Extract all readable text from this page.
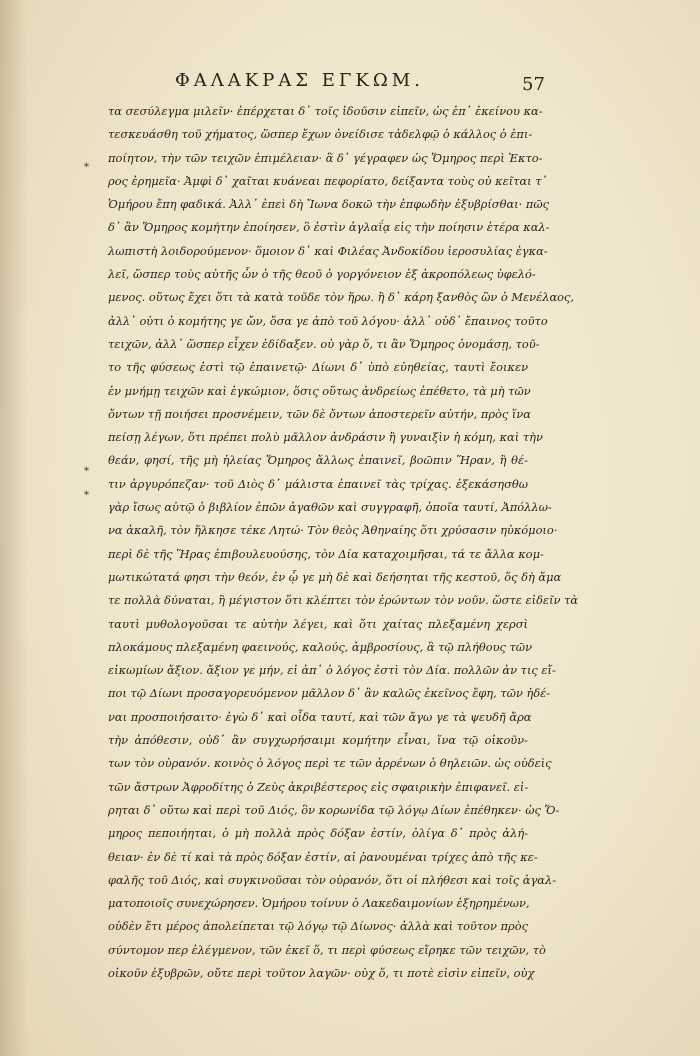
ΦΑΛΑΚΡΑΣ ΕΓΚΩΜ.	57
*
*
*
τα σεσύλεγμα μιλεῖν· ἐπέρχεται δ᾽ τοῖς ἰδοῦσιν εἰπεῖν, ὡς ἐπ᾽ ἐκείνου κα-
τεσκευάσθη τοῦ χήματος, ὥσπερ ἔχων ὀνείδισε τἀδελφῷ ὁ κάλλος ὁ ἐπι-
ποίητον, τὴν τῶν τειχῶν ἐπιμέλειαν· ἃ δ᾽ γέγραφεν ὡς Ὅμηρος περὶ Ἐκτο-
ρος ἐρημεῖα· Ἀμφὶ δ᾽ χαῖται κυάνεαι πεφορίατο, δείξαντα τοὺς οὐ κεῖται τ᾽
Ὁμήρου ἔπη φαδικά. Ἀλλ᾽ ἐπεὶ δὴ Ἴωνα δοκῶ τὴν ἐπφωδὴν ἐξυβρίσθαι· πῶς
δ᾽ ἂν Ὅμηρος κομήτην ἐποίησεν, ὃ ἐστὶν ἀγλαΐᾳ εἰς τὴν ποίησιν ἑτέρα καλ-
λωπιστὴ λοιδορούμενον· ὅμοιον δ᾽ καὶ Φιλέας Ἀνδοκίδου ἱεροσυλίας ἐγκα-
λεῖ, ὥσπερ τοὺς αὐτῆς ὧν ὁ τῆς θεοῦ ὁ γοργόνειον ἐξ ἀκροπόλεως ὑφελό-
μενος. οὕτως ἔχει ὅτι τὰ κατὰ τοῦδε τὸν ἥρω. ἢ δ᾽ κάρη ξανθὸς ὢν ὁ Μενέλαος,
ἀλλ᾽ οὐτι ὁ κομήτης γε ὤν, ὅσα γε ἀπὸ τοῦ λόγου· ἀλλ᾽ οὐδ᾽ ἔπαινος τοῦτο
τειχῶν, ἀλλ᾽ ὥσπερ εἶχεν ἐδίδαξεν. οὐ γὰρ ὅ, τι ἂν Ὅμηρος ὀνομάσῃ, τοῦ-
το τῆς φύσεως ἐστὶ τῷ ἐπαινετῷ· Δίωνι δ᾽ ὑπὸ εὐηθείας, ταυτὶ ἔοικεν
ἐν μνήμῃ τειχῶν καὶ ἐγκώμιον, ὅσις οὕτως ἀνδρείως ἐπέθετο, τὰ μὴ τῶν
ὄντων τῇ ποιήσει προσνέμειν, τῶν δὲ ὄντων ἀποστερεῖν αὐτήν, πρὸς ἵνα
πείσῃ λέγων, ὅτι πρέπει πολὺ μᾶλλον ἀνδράσιν ἢ γυναιξὶν ἡ κόμη, καὶ τὴν
θεάν, φησί, τῆς μὴ ἠλείας Ὅμηρος ἄλλως ἐπαινεῖ, βοῶπιν Ἥραν, ἢ θέ-
τιν ἀργυρόπεζαν· τοῦ Διὸς δ᾽ μάλιστα ἐπαινεῖ τὰς τρίχας. ἐξεκάσησθω
γὰρ ἴσως αὐτῷ ὁ βιβλίον ἐπῶν ἀγαθῶν καὶ συγγραφῆ, ὁποῖα ταυτί, Ἀπόλλω-
να ἀκαλῆ, τὸν ἥλκησε τέκε Λητώ· Τὸν θεὸς Ἀθηναίης ὅτι χρύσασιν ηὐκόμοιο·
περὶ δὲ τῆς Ἥρας ἐπιβουλευούσης, τὸν Δία καταχοιμῆσαι, τά τε ἄλλα κομ-
μωτικώτατά φησι τὴν θεόν, ἐν ᾧ γε μὴ δὲ καὶ δεήσηται τῆς κεστοῦ, ὅς δὴ ἅμα
τε πολλὰ δύναται, ἢ μέγιστον ὅτι κλέπτει τὸν ἐρώντων τὸν νοῦν. ὥστε εἰδεῖν τὰ
ταυτὶ μυθολογοῦσαι τε αὐτὴν λέγει, καὶ ὅτι χαίτας πλεξαμένη χερσὶ
πλοκάμους πλεξαμένη φαεινούς, καλούς, ἀμβροσίους, ἃ τῷ πλήθους τῶν
εἰκωμίων ἄξιον. ἄξιον γε μήν, εἰ ἀπ᾽ ὁ λόγος ἐστὶ τὸν Δία. πολλῶν ἀν τις εἴ-
ποι τῷ Δίωνι προσαγορευόμενον μᾶλλον δ᾽ ἂν καλῶς ἐκεῖνος ἔφη, τῶν ἠδέ-
ναι προσποιήσαιτο· ἐγὼ δ᾽ καὶ οἶδα ταυτί, καὶ τῶν ἄγω γε τὰ ψευδῆ ἄρα
τὴν ἀπόθεσιν, οὐδ᾽ ἂν συγχωρήσαιμι κομήτην εἶναι, ἵνα τῷ οἰκοῦν-
των τὸν οὐρανόν. κοινὸς ὁ λόγος περὶ τε τῶν ἀρρένων ὁ θηλειῶν. ὡς οὐδεὶς
τῶν ἄστρων Ἀφροδίτης ὁ Ζεὺς ἀκριβέστερος εἰς σφαιρικὴν ἐπιφανεῖ. εἰ-
ρηται δ᾽ οὕτω καὶ περὶ τοῦ Διός, ὃν κορωνίδα τῷ λόγῳ Δίων ἐπέθηκεν· ὡς Ὅ-
μηρος πεποιήηται, ὁ μὴ πολλὰ πρὸς δόξαν ἐστίν, ὀλίγα δ᾽ πρὸς ἀλή-
θειαν· ἐν δὲ τί καὶ τὰ πρὸς δόξαν ἐστίν, αἱ ῥανουμέναι τρίχες ἀπὸ τῆς κε-
φαλῆς τοῦ Διός, καὶ συγκινοῦσαι τὸν οὐρανόν, ὅτι οἱ πλήθεσι καὶ τοῖς ἀγαλ-
ματοποιοῖς συνεχώρησεν. Ὁμήρου τοίνυν ὁ Λακεδαιμονίων ἐξηρημένων,
οὐδὲν ἔτι μέρος ἀπολείπεται τῷ λόγῳ τῷ Δίωνος· ἀλλὰ καὶ τοῦτον πρὸς
σύντομον περ ἐλέγμενον, τῶν ἐκεῖ ὅ, τι περὶ φύσεως εἴρηκε τῶν τειχῶν, τὸ
οἰκοῦν ἐξυβρῶν, οὔτε περὶ τοῦτον λαγῶν· οὐχ ὅ, τι ποτὲ εἰσὶν εἰπεῖν, οὐχ
